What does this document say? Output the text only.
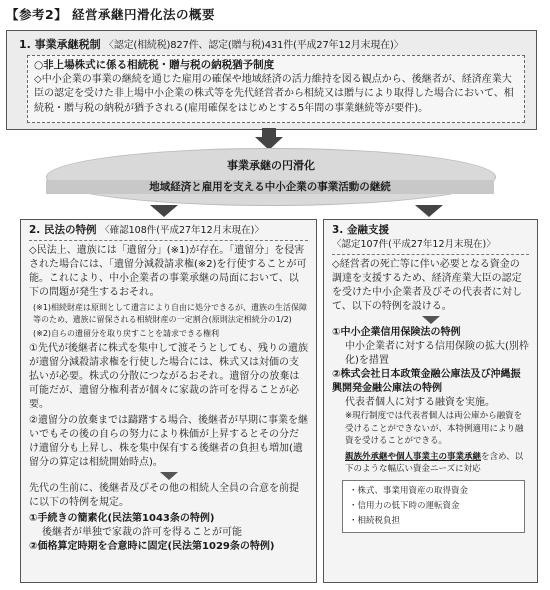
【参考2】 経営承継円滑化法の概要
1. 事業承継税制 〈認定(相続税)827件、認定(贈与税)431件(平成27年12月末現在)〉
○非上場株式に係る相続税・贈与税の納税猶予制度
◇中小企業の事業の継続を通じた雇用の確保や地域経済の活力維持を図る観点から、後継者が、経済産業大臣の認定を受けた非上場中小企業の株式等を先代経営者から相続又は贈与により取得した場合において、相続税・贈与税の納税が猶予される(雇用確保をはじめとする5年間の事業継続等が要件)。
事業承継の円滑化
地域経済と雇用を支える中小企業の事業活動の継続
2. 民法の特例 〈確認108件(平成27年12月末現在)〉
◇民法上、遺族には「遺留分」(※1)が存在。「遺留分」を侵害された場合には、「遺留分減殺請求権(※2)を行使することが可能。これにより、中小企業者の事業承継の局面において、以下の問題が発生するおそれ。
(※1)相続財産は原則として遺言により自由に処分できるが、遺族の生活保障等のため、遺族に留保される相続財産の一定割合(原則法定相続分の1/2)
(※2)自らの遺留分を取り戻すことを請求できる権利
①先代が後継者に株式を集中して渡そうとしても、残りの遺族が遺留分減殺請求権を行使した場合には、株式又は対価の支払いが必要。株式の分散につながるおそれ。遺留分の放棄は可能だが、遺留分権利者が個々に家裁の許可を得ることが必要。
②遺留分の放棄までは躊躇する場合、後継者が早期に事業を継いでもその後の自らの努力により株価が上昇するとその分だけ遺留分も上昇し、株を集中保有する後継者の負担も増加(遺留分の算定は相続開始時点)。
先代の生前に、後継者及びその他の相続人全員の合意を前提に以下の特例を規定。
①手続きの簡素化(民法第1043条の特例)
後継者が単独で家裁の許可を得ることが可能
②価格算定時期を合意時に固定(民法第1029条の特例)
3. 金融支援
〈認定107件(平成27年12月末現在)〉
◇経営者の死亡等に伴い必要となる資金の調達を支援するため、経済産業大臣の認定を受けた中小企業者及びその代表者に対して、以下の特例を設ける。
①中小企業信用保険法の特例
中小企業者に対する信用保険の拡大(別枠化)を措置
②株式会社日本政策金融公庫法及び沖縄振興開発金融公庫法の特例
代表者個人に対する融資を実施。
※現行制度では代表者個人は両公庫から融資を受けることができないが、本特例適用により融資を受けることができる。
親族外承継や個人事業主の事業承継を含め、以下のような幅広い資金ニーズに対応
・株式、事業用資産の取得資金
・信用力の低下時の運転資金
・相続税負担
